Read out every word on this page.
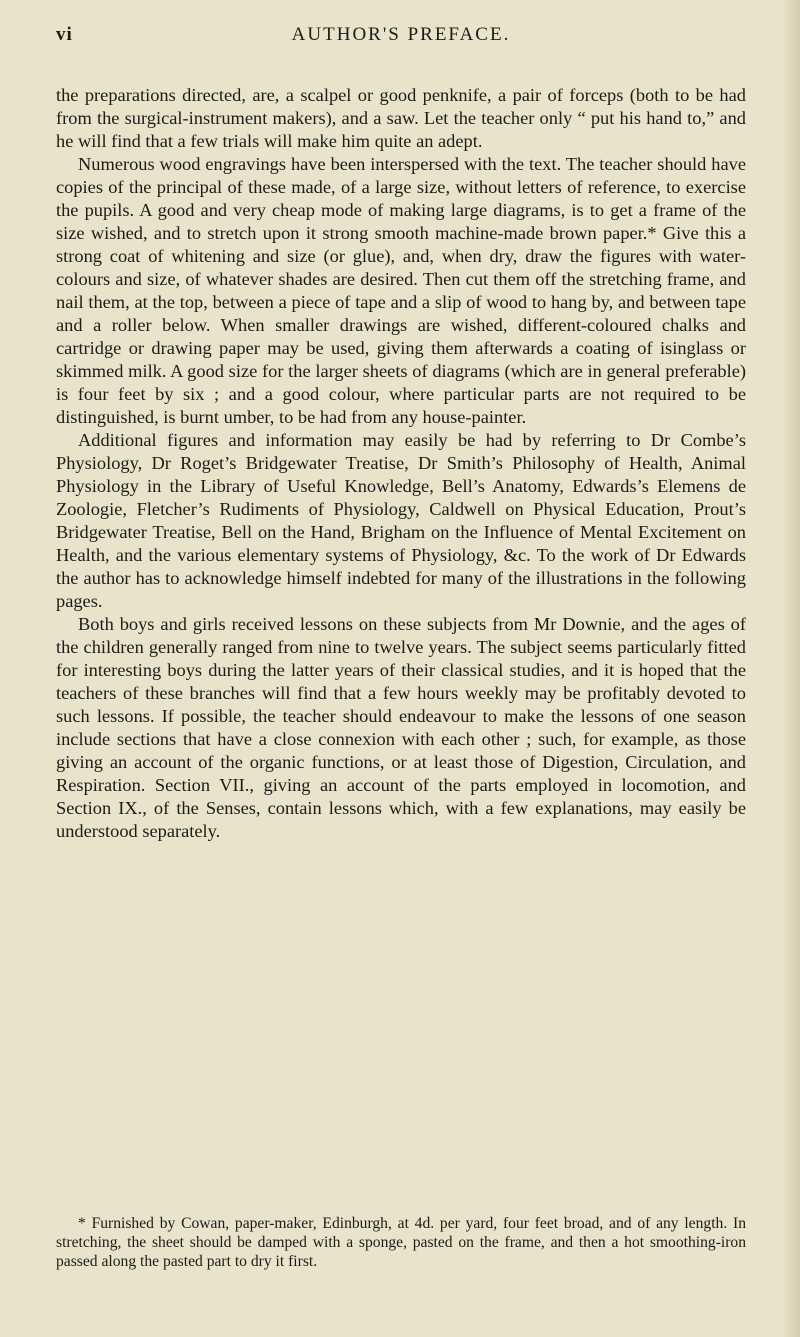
vi	AUTHOR'S PREFACE.

the preparations directed, are, a scalpel or good penknife, a pair of forceps (both to be had from the surgical-instrument makers), and a saw. Let the teacher only “ put his hand to,” and he will find that a few trials will make him quite an adept.

Numerous wood engravings have been interspersed with the text. The teacher should have copies of the principal of these made, of a large size, without letters of reference, to exercise the pupils. A good and very cheap mode of making large diagrams, is to get a frame of the size wished, and to stretch upon it strong smooth machine-made brown paper.* Give this a strong coat of whitening and size (or glue), and, when dry, draw the figures with water-colours and size, of whatever shades are desired. Then cut them off the stretching frame, and nail them, at the top, between a piece of tape and a slip of wood to hang by, and between tape and a roller below. When smaller drawings are wished, different-coloured chalks and cartridge or drawing paper may be used, giving them afterwards a coating of isinglass or skimmed milk. A good size for the larger sheets of diagrams (which are in general preferable) is four feet by six ; and a good colour, where particular parts are not required to be distinguished, is burnt umber, to be had from any house-painter.

Additional figures and information may easily be had by referring to Dr Combe’s Physiology, Dr Roget’s Bridgewater Treatise, Dr Smith’s Philosophy of Health, Animal Physiology in the Library of Useful Knowledge, Bell’s Anatomy, Edwards’s Elemens de Zoologie, Fletcher’s Rudiments of Physiology, Caldwell on Physical Education, Prout’s Bridgewater Treatise, Bell on the Hand, Brigham on the Influence of Mental Excitement on Health, and the various elementary systems of Physiology, &c. To the work of Dr Edwards the author has to acknowledge himself indebted for many of the illustrations in the following pages.

Both boys and girls received lessons on these subjects from Mr Downie, and the ages of the children generally ranged from nine to twelve years. The subject seems particularly fitted for interesting boys during the latter years of their classical studies, and it is hoped that the teachers of these branches will find that a few hours weekly may be profitably devoted to such lessons. If possible, the teacher should endeavour to make the lessons of one season include sections that have a close connexion with each other ; such, for example, as those giving an account of the organic functions, or at least those of Digestion, Circulation, and Respiration. Section VII., giving an account of the parts employed in locomotion, and Section IX., of the Senses, contain lessons which, with a few explanations, may easily be understood separately.

* Furnished by Cowan, paper-maker, Edinburgh, at 4d. per yard, four feet broad, and of any length. In stretching, the sheet should be damped with a sponge, pasted on the frame, and then a hot smoothing-iron passed along the pasted part to dry it first.
